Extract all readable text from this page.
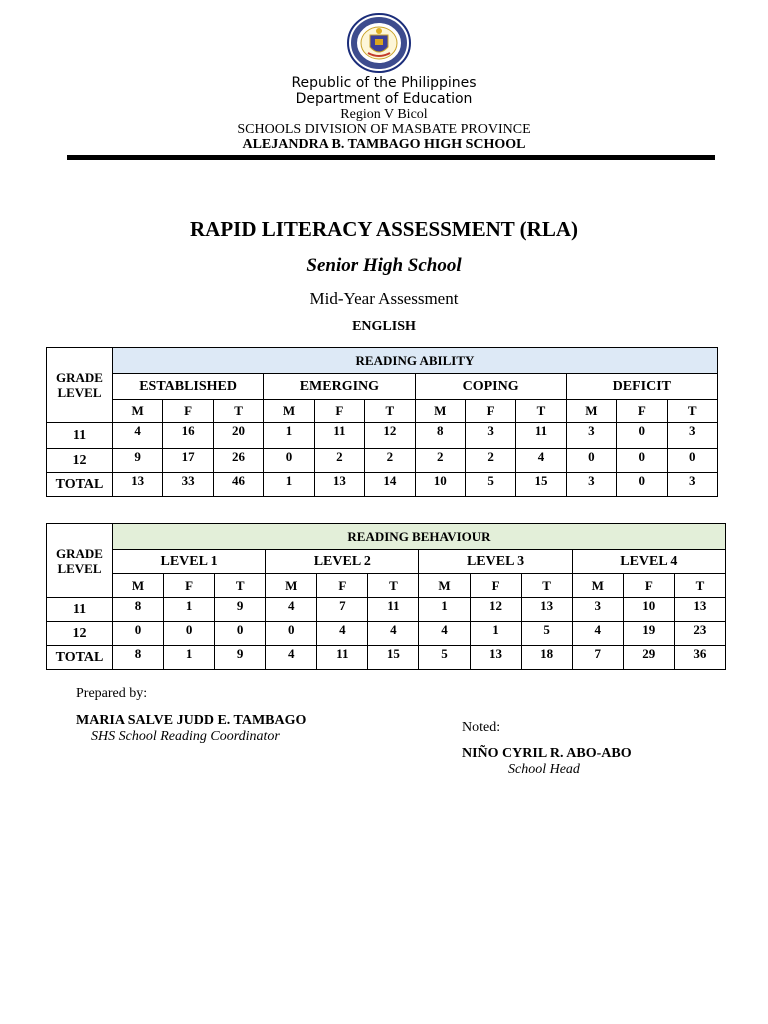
Republic of the Philippines
Department of Education
Region V Bicol
SCHOOLS DIVISION OF MASBATE PROVINCE
ALEJANDRA B. TAMBAGO HIGH SCHOOL
RAPID LITERACY ASSESSMENT (RLA)
Senior High School
Mid-Year Assessment
ENGLISH
GRADE LEVEL	READING ABILITY											
	ESTABLISHED			EMERGING			COPING			DEFICIT		
	M	F	T	M	F	T	M	F	T	M	F	T
11	4	16	20	1	11	12	8	3	11	3	0	3
12	9	17	26	0	2	2	2	2	4	0	0	0
TOTAL	13	33	46	1	13	14	10	5	15	3	0	3
GRADE LEVEL	READING BEHAVIOUR											
	LEVEL 1			LEVEL 2			LEVEL 3			LEVEL 4		
	M	F	T	M	F	T	M	F	T	M	F	T
11	8	1	9	4	7	11	1	12	13	3	10	13
12	0	0	0	0	4	4	4	1	5	4	19	23
TOTAL	8	1	9	4	11	15	5	13	18	7	29	36
Prepared by:
MARIA SALVE JUDD E. TAMBAGO
SHS School Reading Coordinator
Noted:
NIÑO CYRIL R. ABO-ABO
School Head
